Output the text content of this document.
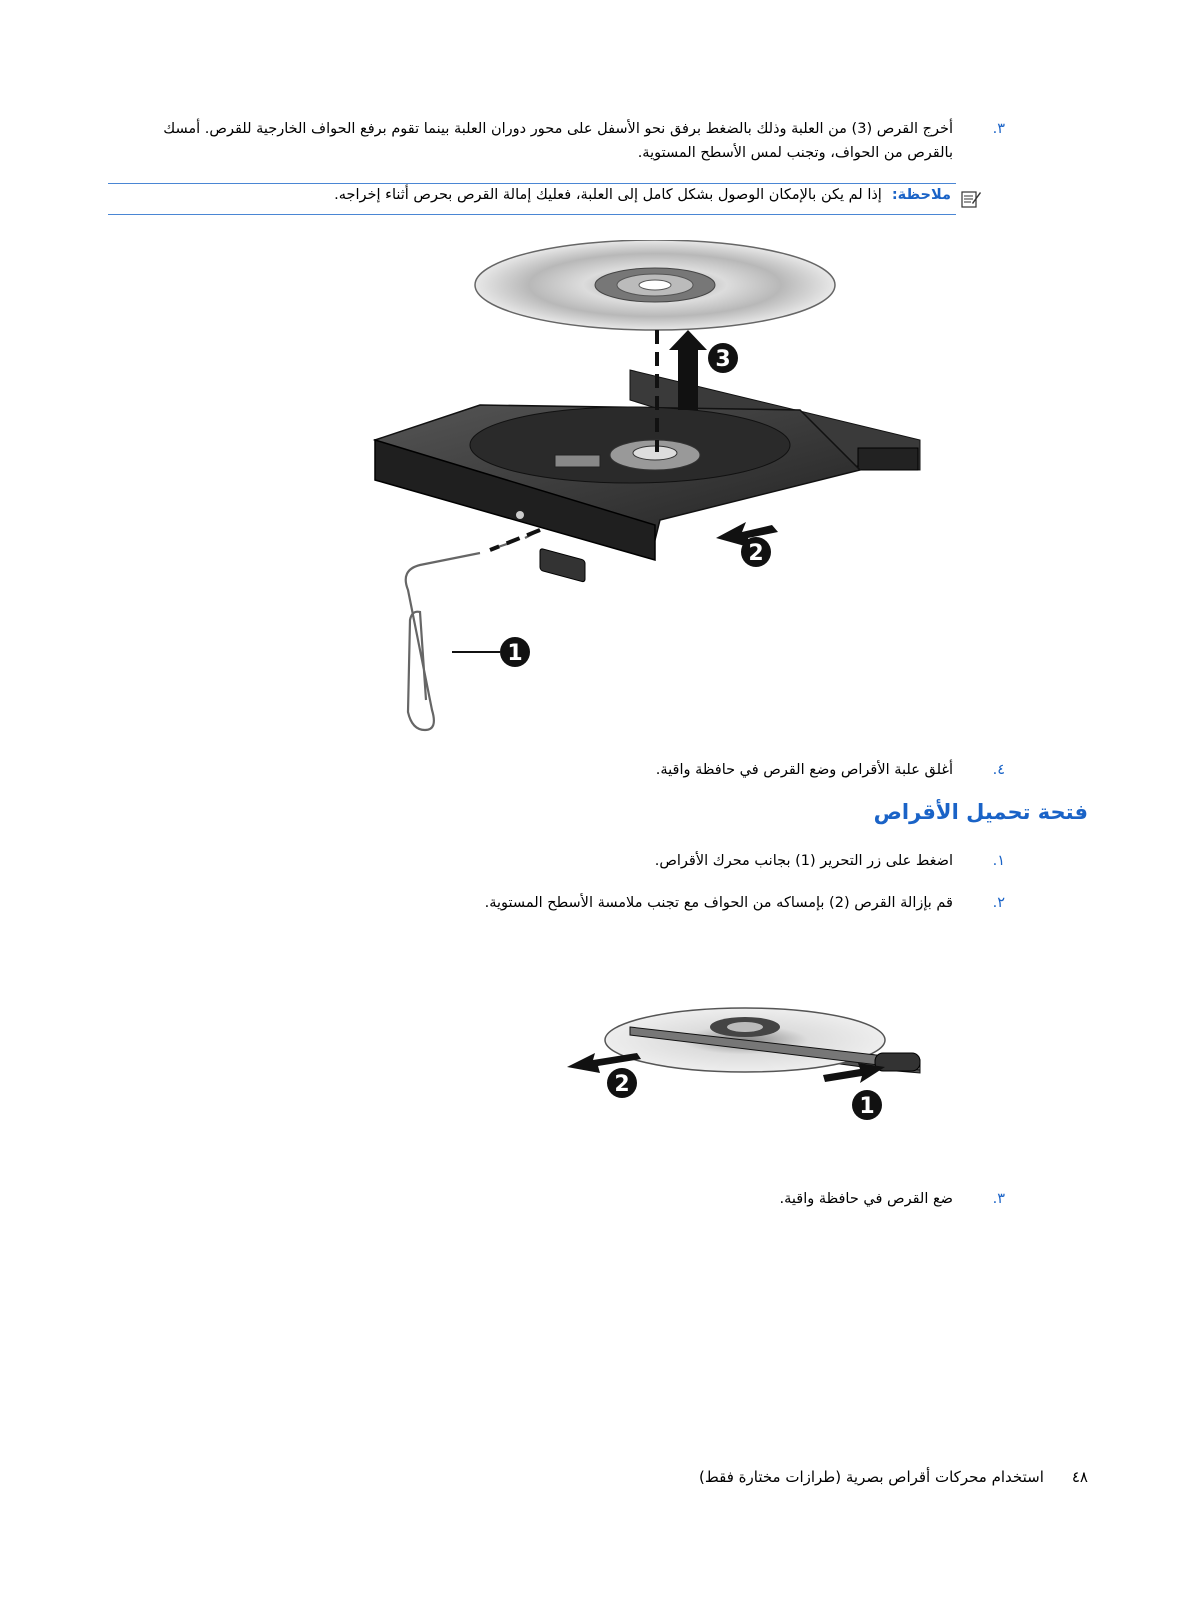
٣.
أخرج القرص (3) من العلبة وذلك بالضغط برفق نحو الأسفل على محور دوران العلبة بينما تقوم برفع الحواف الخارجية للقرص. أمسك
بالقرص من الحواف، وتجنب لمس الأسطح المستوية.
ملاحظة:إذا لم يكن بالإمكان الوصول بشكل كامل إلى العلبة، فعليك إمالة القرص بحرص أثناء إخراجه.
1
2
3
٤.
أغلق علبة الأقراص وضع القرص في حافظة واقية.
فتحة تحميل الأقراص
١.
اضغط على زر التحرير (1) بجانب محرك الأقراص.
٢.
قم بإزالة القرص (2) بإمساكه من الحواف مع تجنب ملامسة الأسطح المستوية.
2
1
٣.
ضع القرص في حافظة واقية.
٤٨استخدام محركات أقراص بصرية (طرازات مختارة فقط)
